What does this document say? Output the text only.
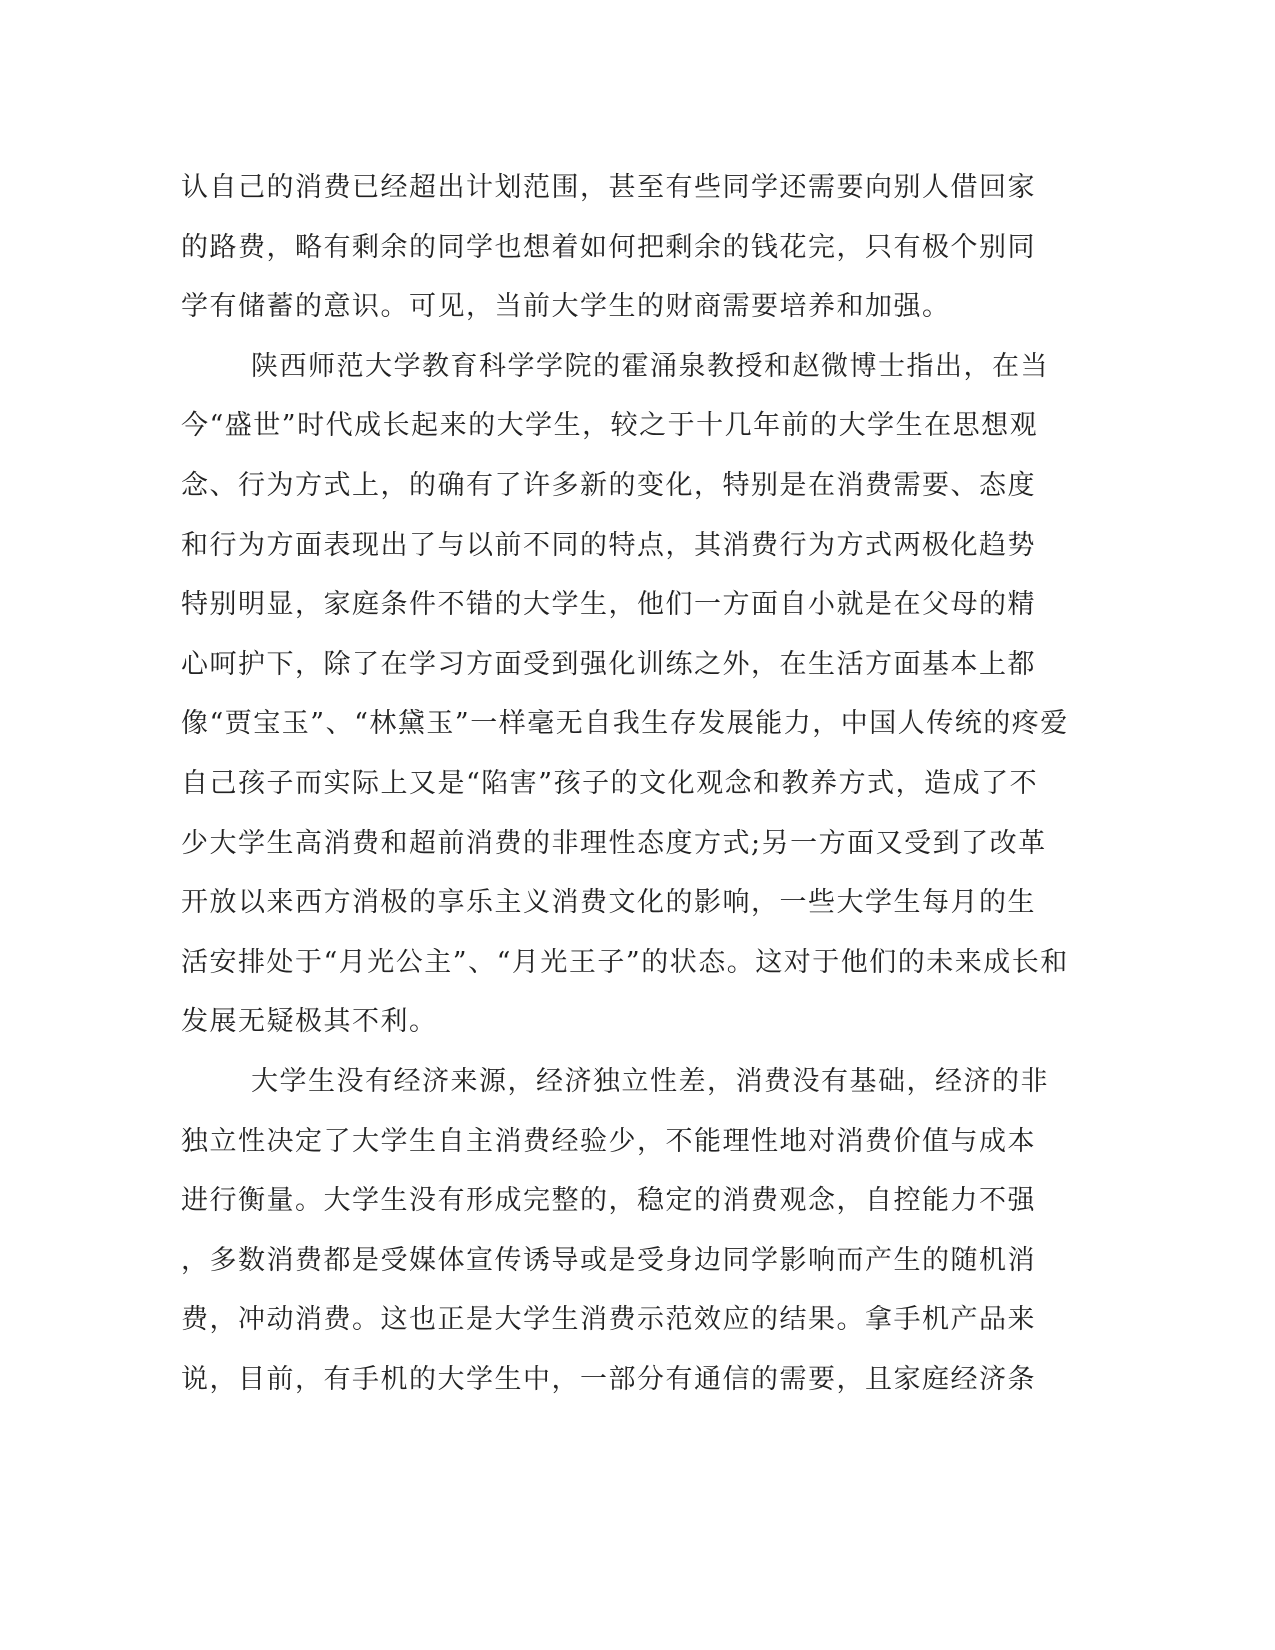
认自己的消费已经超出计划范围，甚至有些同学还需要向别人借回家
的路费，略有剩余的同学也想着如何把剩余的钱花完，只有极个别同
学有储蓄的意识。可见，当前大学生的财商需要培养和加强。
陕西师范大学教育科学学院的霍涌泉教授和赵微博士指出，在当
今“盛世”时代成长起来的大学生，较之于十几年前的大学生在思想观
念、行为方式上，的确有了许多新的变化，特别是在消费需要、态度
和行为方面表现出了与以前不同的特点，其消费行为方式两极化趋势
特别明显，家庭条件不错的大学生，他们一方面自小就是在父母的精
心呵护下，除了在学习方面受到强化训练之外，在生活方面基本上都
像“贾宝玉”、“林黛玉”一样毫无自我生存发展能力，中国人传统的疼爱
自己孩子而实际上又是“陷害”孩子的文化观念和教养方式，造成了不
少大学生高消费和超前消费的非理性态度方式;另一方面又受到了改革
开放以来西方消极的享乐主义消费文化的影响，一些大学生每月的生
活安排处于“月光公主”、“月光王子”的状态。这对于他们的未来成长和
发展无疑极其不利。
大学生没有经济来源，经济独立性差，消费没有基础，经济的非
独立性决定了大学生自主消费经验少，不能理性地对消费价值与成本
进行衡量。大学生没有形成完整的，稳定的消费观念，自控能力不强
，多数消费都是受媒体宣传诱导或是受身边同学影响而产生的随机消
费，冲动消费。这也正是大学生消费示范效应的结果。拿手机产品来
说，目前，有手机的大学生中，一部分有通信的需要，且家庭经济条
